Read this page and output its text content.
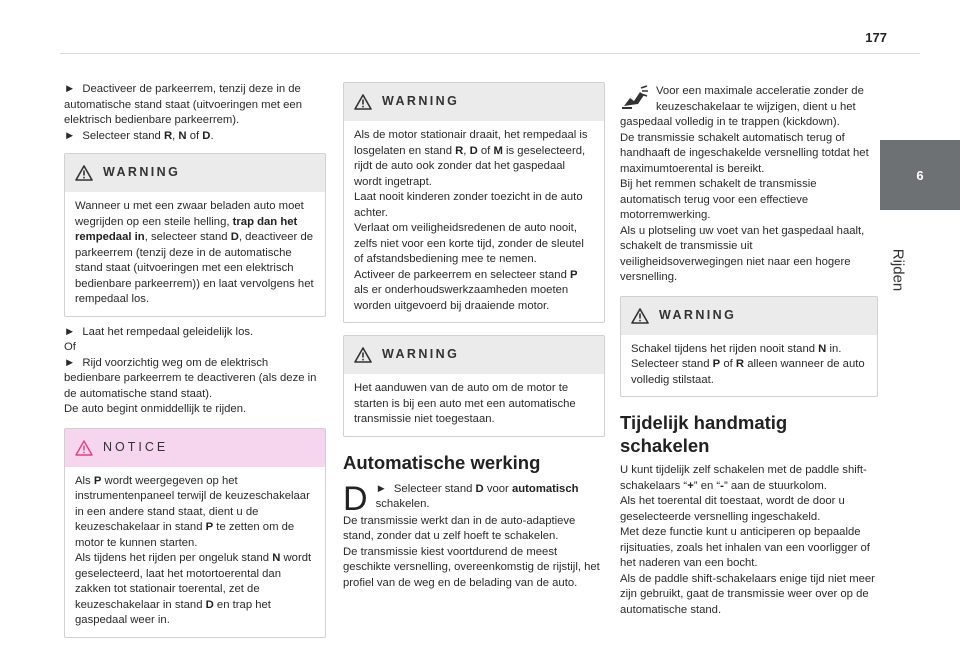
177
6
Rijden

► Deactiveer de parkeerrem, tenzij deze in de automatische stand staat (uitvoeringen met een elektrisch bedienbare parkeerrem).

► Selecteer stand R, N of D.

WARNING

Wanneer u met een zwaar beladen auto moet wegrijden op een steile helling, trap dan het rempedaal in, selecteer stand D, deactiveer de parkeerrem (tenzij deze in de automatische stand staat (uitvoeringen met een elektrisch bedienbare parkeerrem)) en laat vervolgens het rempedaal los.

► Laat het rempedaal geleidelijk los.

Of

► Rijd voorzichtig weg om de elektrisch bedienbare parkeerrem te deactiveren (als deze in de automatische stand staat).

De auto begint onmiddellijk te rijden.

NOTICE

Als P wordt weergegeven op het instrumentenpaneel terwijl de keuzeschakelaar in een andere stand staat, dient u de keuzeschakelaar in stand P te zetten om de motor te kunnen starten.

Als tijdens het rijden per ongeluk stand N wordt geselecteerd, laat het motortoerental dan zakken tot stationair toerental, zet de keuzeschakelaar in stand D en trap het gaspedaal weer in.

WARNING

Als de motor stationair draait, het rempedaal is losgelaten en stand R, D of M is geselecteerd, rijdt de auto ook zonder dat het gaspedaal wordt ingetrapt.

Laat nooit kinderen zonder toezicht in de auto achter.

Verlaat om veiligheidsredenen de auto nooit, zelfs niet voor een korte tijd, zonder de sleutel of afstandsbediening mee te nemen.

Activeer de parkeerrem en selecteer stand P als er onderhoudswerkzaamheden moeten worden uitgevoerd bij draaiende motor.

WARNING

Het aanduwen van de auto om de motor te starten is bij een auto met een automatische transmissie niet toegestaan.

Automatische werking
D ► Selecteer stand D voor automatisch schakelen.

De transmissie werkt dan in de auto-adaptieve stand, zonder dat u zelf hoeft te schakelen.

De transmissie kiest voortdurend de meest geschikte versnelling, overeenkomstig de rijstijl, het profiel van de weg en de belading van de auto.

Voor een maximale acceleratie zonder de keuzeschakelaar te wijzigen, dient u het gaspedaal volledig in te trappen (kickdown).

De transmissie schakelt automatisch terug of handhaaft de ingeschakelde versnelling totdat het maximumtoerental is bereikt.

Bij het remmen schakelt de transmissie automatisch terug voor een effectieve motorremwerking.

Als u plotseling uw voet van het gaspedaal haalt, schakelt de transmissie uit veiligheidsoverwegingen niet naar een hogere versnelling.

WARNING

Schakel tijdens het rijden nooit stand N in.

Selecteer stand P of R alleen wanneer de auto volledig stilstaat.

Tijdelijk handmatig schakelen

U kunt tijdelijk zelf schakelen met de paddle shift-schakelaars “+” en “-” aan de stuurkolom.

Als het toerental dit toestaat, wordt de door u geselecteerde versnelling ingeschakeld.

Met deze functie kunt u anticiperen op bepaalde rijsituaties, zoals het inhalen van een voorligger of het naderen van een bocht.

Als de paddle shift-schakelaars enige tijd niet meer zijn gebruikt, gaat de transmissie weer over op de automatische stand.
